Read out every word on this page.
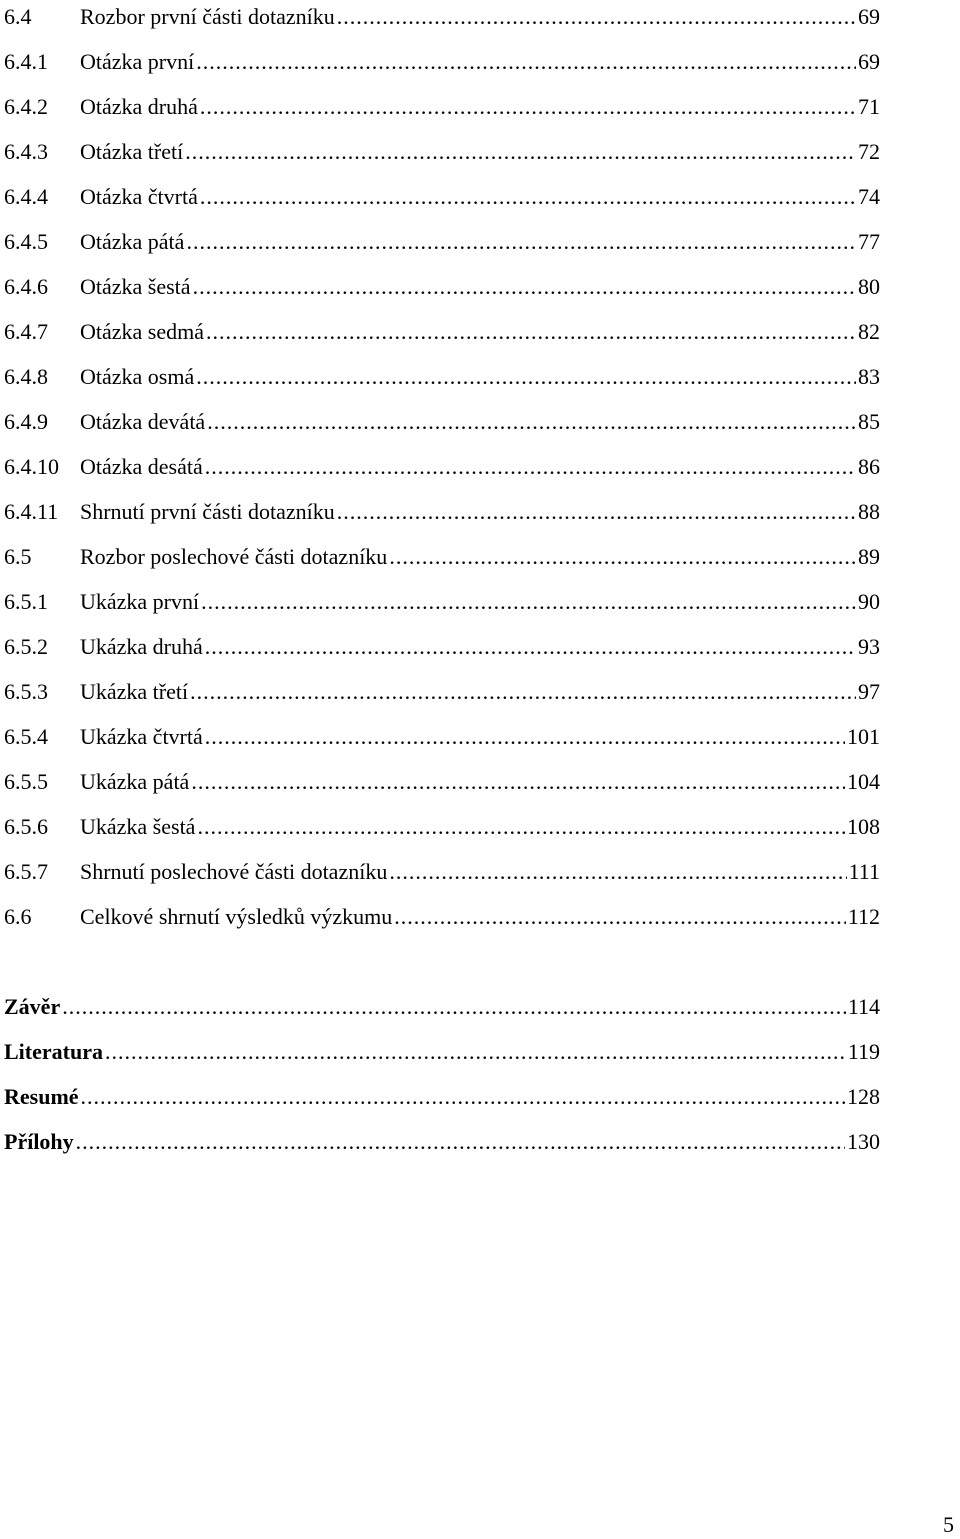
6.4	Rozbor první části dotazníku .....	69
6.4.1	Otázka první .....	69
6.4.2	Otázka druhá .....	71
6.4.3	Otázka třetí .....	72
6.4.4	Otázka čtvrtá .....	74
6.4.5	Otázka pátá .....	77
6.4.6	Otázka šestá .....	80
6.4.7	Otázka sedmá .....	82
6.4.8	Otázka osmá .....	83
6.4.9	Otázka devátá .....	85
6.4.10 Otázka desátá .....	86
6.4.11 Shrnutí první části dotazníku .....	88
6.5	Rozbor poslechové části dotazníku .....	89
6.5.1	Ukázka první .....	90
6.5.2	Ukázka druhá .....	93
6.5.3	Ukázka třetí .....	97
6.5.4	Ukázka čtvrtá .....	101
6.5.5	Ukázka pátá .....	104
6.5.6	Ukázka šestá .....	108
6.5.7	Shrnutí poslechové části dotazníku .....	111
6.6	Celkové shrnutí výsledků výzkumu .....	112
Závěr .....	114
Literatura .....	119
Resumé .....	128
Přílohy .....	130
5
